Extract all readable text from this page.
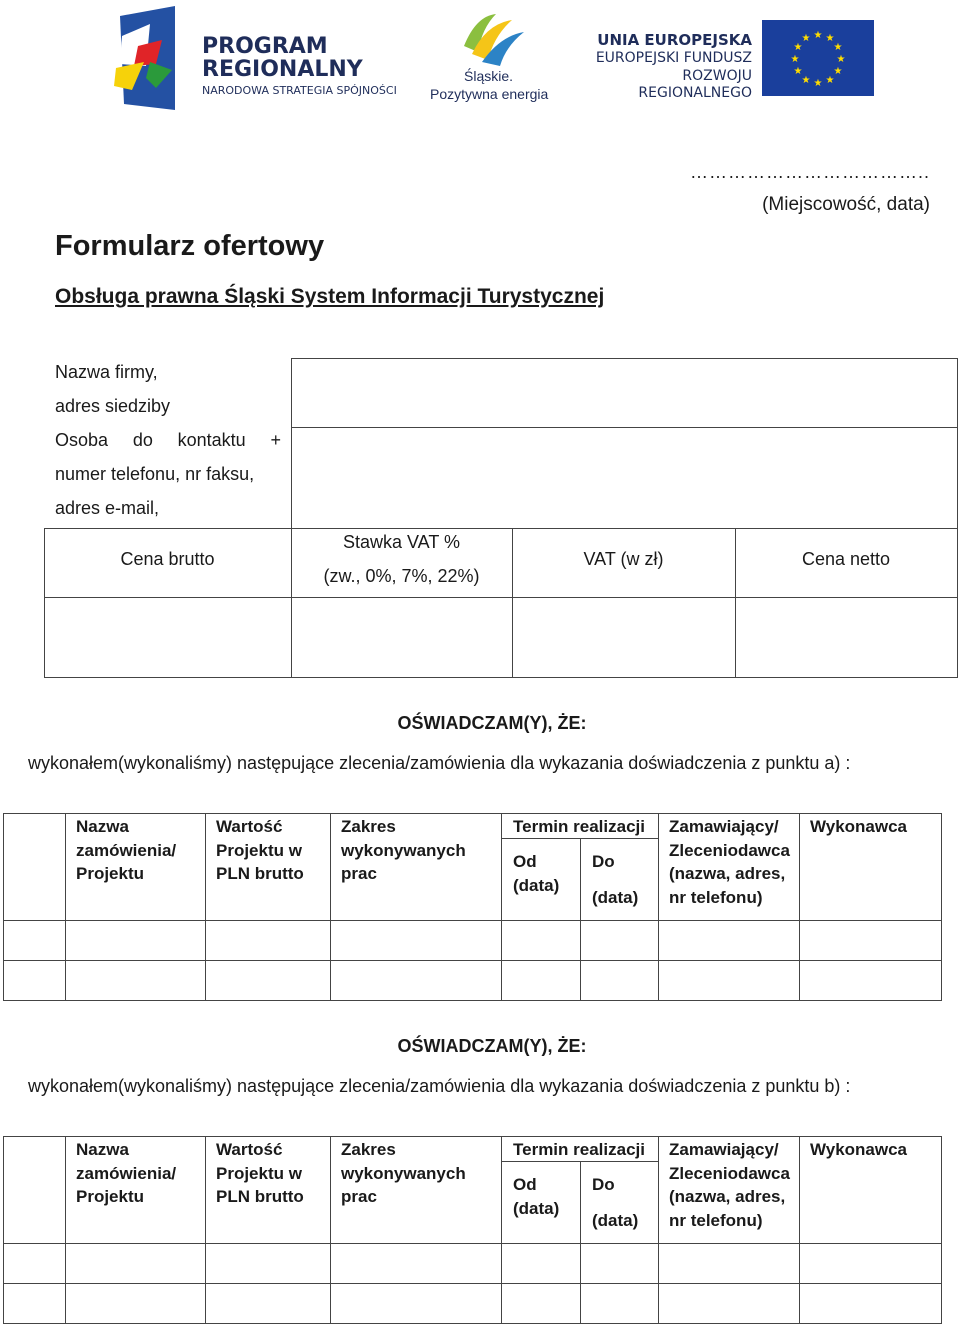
PROGRAM
REGIONALNY
NARODOWA STRATEGIA SPÓJNOŚCI
Śląskie.
Pozytywna energia
UNIA EUROPEJSKA
EUROPEJSKI FUNDUSZ
ROZWOJU REGIONALNEGO
★ ★
★
★
★
★
★
★
★
★
★
★
………………………………..
(Miejscowość, data)
Formularz ofertowy
Obsługa prawna Śląski System Informacji Turystycznej
Nazwa firmy,
adres siedziby
Osoba do kontaktu +
numer telefonu, nr faksu,
adres e-mail,
Cena brutto
Stawka VAT %
(zw., 0%, 7%, 22%)
VAT (w zł)	Cena netto
OŚWIADCZAM(Y), ŻE:
wykonałem(wykonaliśmy) następujące zlecenia/zamówienia dla wykazania doświadczenia z punktu a) :
Nazwa
zamówienia/
Projektu
Wartość
Projektu w
PLN brutto
Zakres
wykonywanych
prac
Termin realizacji
Od
(data)
Do
(data)
Zamawiający/
Zleceniodawca
(nazwa, adres,
nr telefonu)
Wykonawca
OŚWIADCZAM(Y), ŻE:
wykonałem(wykonaliśmy) następujące zlecenia/zamówienia dla wykazania doświadczenia z punktu b) :
Nazwa
zamówienia/
Projektu
Wartość
Projektu w
PLN brutto
Zakres
wykonywanych
prac
Termin realizacji
Od
(data)
Do
(data)
Zamawiający/
Zleceniodawca
(nazwa, adres,
nr telefonu)
Wykonawca
